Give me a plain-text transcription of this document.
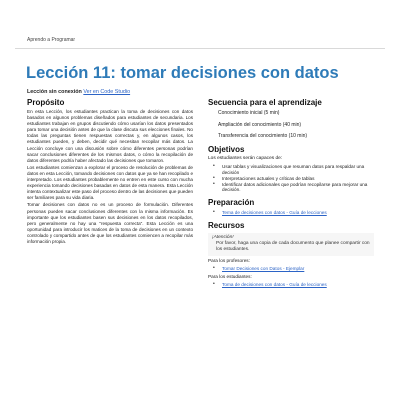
Aprendo a Programar
Lección 11: tomar decisiones con datos
Lección sin conexión Ver en Code Studio
Propósito

En esta Lección, los estudiantes practican la toma de decisiones con datos basados en algunos problemas diseñados para estudiantes de secundaria. Los estudiantes trabajan en grupos discutiendo cómo usarían los datos presentados para tomar una decisión antes de que la clase discuta sus elecciones finales. No todas las preguntas tienen respuestas correctas y, en algunos casos, los estudiantes pueden, y deben, decidir qué necesitan recopilar más datos. La Lección concluye con una discusión sobre cómo diferentes personas podrían sacar conclusiones diferentes de los mismos datos, o cómo la recopilación de datos diferentes podría haber afectado las decisiones que tomaron.

Los estudiantes comienzan a explorar el proceso de resolución de problemas de datos en esta Lección, tomando decisiones con datos que ya se han recopilado e interpretado. Los estudiantes probablemente no entren en este curso con mucha experiencia tomando decisiones basadas en datos de esta manera. Esta Lección intenta contextualizar este paso del proceso dentro de las decisiones que pueden ser familiares para su vida diaria.

Tomar decisiones con datos no es un proceso de formulación. Diferentes personas pueden sacar conclusiones diferentes con la misma información. Es importante que los estudiantes basen sus decisiones en los datos recopilados, pero generalmente no hay una "respuesta correcta". Esta Lección es una oportunidad para introducir los matices de la toma de decisiones en un contexto controlado y compartido antes de que los estudiantes comiencen a recopilar más información propia.

Secuencia para el aprendizaje
Conocimiento inicial (5 min)
Ampliación del conocimiento (40 min)
Transferencia del conocimiento (10 min)
Objetivos
Los estudiantes serán capaces de:
• Usar tablas y visualizaciones que resuman datos para respaldar una decisión
• Interpretaciones actuales y críticas de tablas
• Identificar datos adicionales que podrían recopilarse para mejorar una decisión.
Preparación
• Tema de decisiones con datos - Guía de lecciones
Recursos
¡Atención!
Por favor, haga una copia de cada documento que planee compartir con los estudiantes.
Para los profesores:
• Tomar Decisiones con Datos - Ejemplar
Para los estudiantes:
• Toma de decisiones con datos - Guía de lecciones
